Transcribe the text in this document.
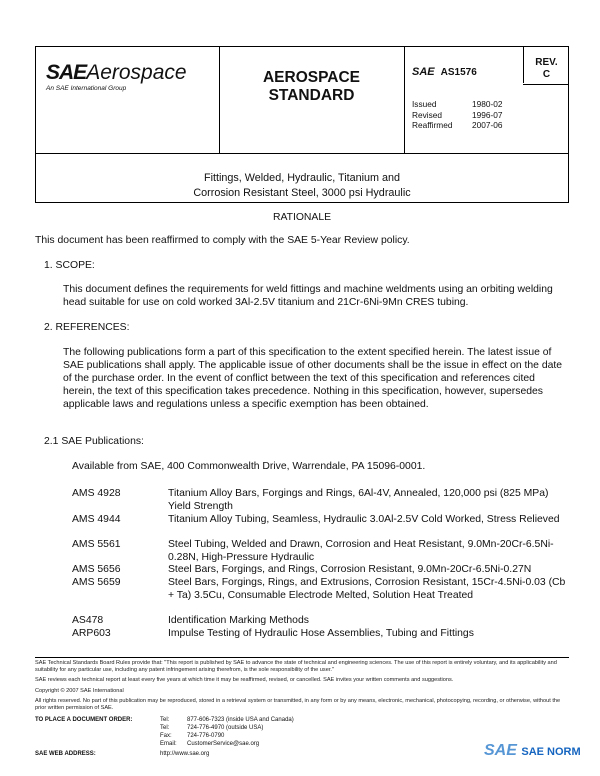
SAEAerospace
An SAE International Group
AEROSPACE
STANDARD
SAE AS1576
REV.
C
Issued	1980-02
Revised	1996-07
Reaffirmed 2007-06
Fittings, Welded, Hydraulic, Titanium and
Corrosion Resistant Steel, 3000 psi Hydraulic
RATIONALE
This document has been reaffirmed to comply with the SAE 5-Year Review policy.
1. SCOPE:
This document defines the requirements for weld fittings and machine weldments using an orbiting welding head suitable for use on cold worked 3Al-2.5V titanium and 21Cr-6Ni-9Mn CRES tubing.
2. REFERENCES:
The following publications form a part of this specification to the extent specified herein. The latest issue of SAE publications shall apply. The applicable issue of other documents shall be the issue in effect on the date of the purchase order. In the event of conflict between the text of this specification and references cited herein, the text of this specification takes precedence. Nothing in this specification, however, supersedes applicable laws and regulations unless a specific exemption has been obtained.
2.1 SAE Publications:
Available from SAE, 400 Commonwealth Drive, Warrendale, PA 15096-0001.
AMS 4928	Titanium Alloy Bars, Forgings and Rings, 6Al-4V, Annealed, 120,000 psi (825 MPa) Yield Strength
AMS 4944	Titanium Alloy Tubing, Seamless, Hydraulic 3.0Al-2.5V Cold Worked, Stress Relieved
AMS 5561	Steel Tubing, Welded and Drawn, Corrosion and Heat Resistant, 9.0Mn-20Cr-6.5Ni-0.28N, High-Pressure Hydraulic
AMS 5656	Steel Bars, Forgings, and Rings, Corrosion Resistant, 9.0Mn-20Cr-6.5Ni-0.27N
AMS 5659	Steel Bars, Forgings, Rings, and Extrusions, Corrosion Resistant, 15Cr-4.5Ni-0.03 (Cb + Ta) 3.5Cu, Consumable Electrode Melted, Solution Heat Treated
AS478	Identification Marking Methods
ARP603	Impulse Testing of Hydraulic Hose Assemblies, Tubing and Fittings
SAE Technical Standards Board Rules provide that: "This report is published by SAE to advance the state of technical and engineering sciences. The use of this report is entirely voluntary, and its applicability and suitability for any particular use, including any patent infringement arising therefrom, is the sole responsibility of the user."
SAE reviews each technical report at least every five years at which time it may be reaffirmed, revised, or cancelled. SAE invites your written comments and suggestions.
Copyright © 2007 SAE International
All rights reserved. No part of this publication may be reproduced, stored in a retrieval system or transmitted, in any form or by any means, electronic, mechanical, photocopying, recording, or otherwise, without the prior written permission of SAE.
TO PLACE A DOCUMENT ORDER:	Tel:	877-606-7323 (inside USA and Canada)
Tel:	724-776-4970 (outside USA)
Fax:	724-776-0790
Email: CustomerService@sae.org
SAE WEB ADDRESS:	http://www.sae.org	SAE SAE NORM
